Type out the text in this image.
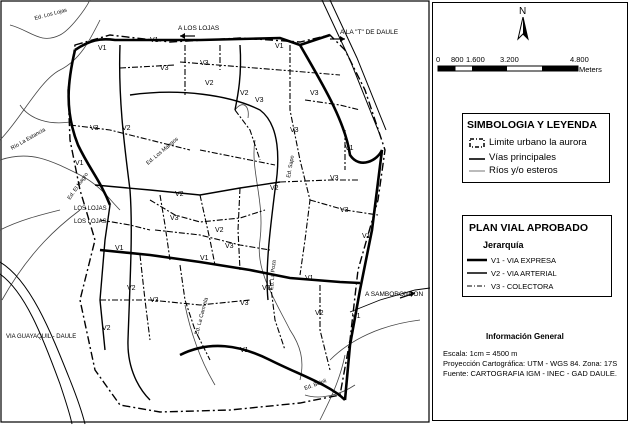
A LOS LOJAS
A LA "T" DE DAULE
A SAMBORONDON
LOS LOJAS
LOS LOJAS
VIA GUAYAQUIL - DAULE
Río La Estancia
Ed. Los Lojas
Ed. Los Mangos
Ed. El Magro
Ed. La Carmela
Ed. La Poza
Ed. Beleli
Ed. Sapo
V1
V1
V1
V1
V1
V1
V1
V1
V1
V1
V1
V2
V2
V2
V2
V2
V2
V2
V2
V2
V2
V3
V3
V3
V3
V3
V3
V3
V3
V3	V3
V3
V3
N
0 800 1.600 3.200	4.800
Meters
SIMBOLOGIA Y LEYENDA
Limite urbano la aurora
Vías principales
Ríos y/o esteros
PLAN VIAL APROBADO
Jerarquía
V1 - VIA EXPRESA
V2 - VIA ARTERIAL
V3 - COLECTORA
Información General
Escala: 1cm = 4500 m
Proyección Cartográfica: UTM - WGS 84. Zona: 17S
Fuente: CARTOGRAFIA IGM - INEC - GAD DAULE.
